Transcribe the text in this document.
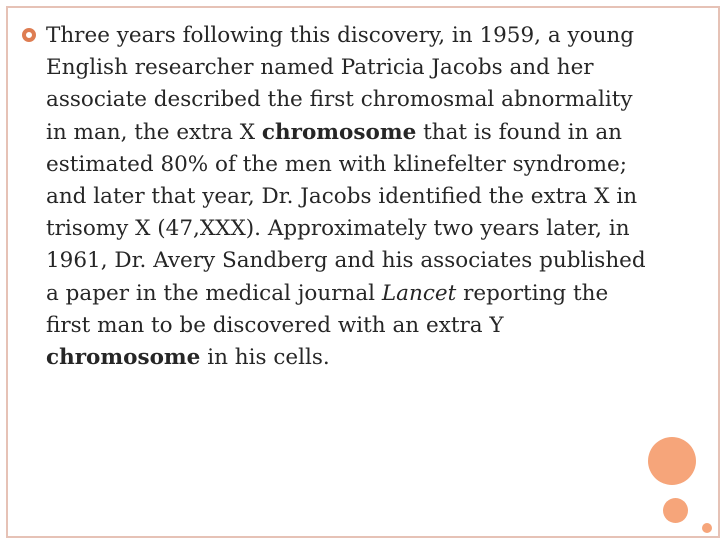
Three years following this discovery, in 1959, a young English researcher named Patricia Jacobs and her associate described the first chromosmal abnormality in man, the extra X chromosome that is found in an estimated 80% of the men with klinefelter syndrome; and later that year, Dr. Jacobs identified the extra X in trisomy X (47,XXX). Approximately two years later, in 1961, Dr. Avery Sandberg and his associates published a paper in the medical journal Lancet reporting the first man to be discovered with an extra Y chromosome in his cells.
